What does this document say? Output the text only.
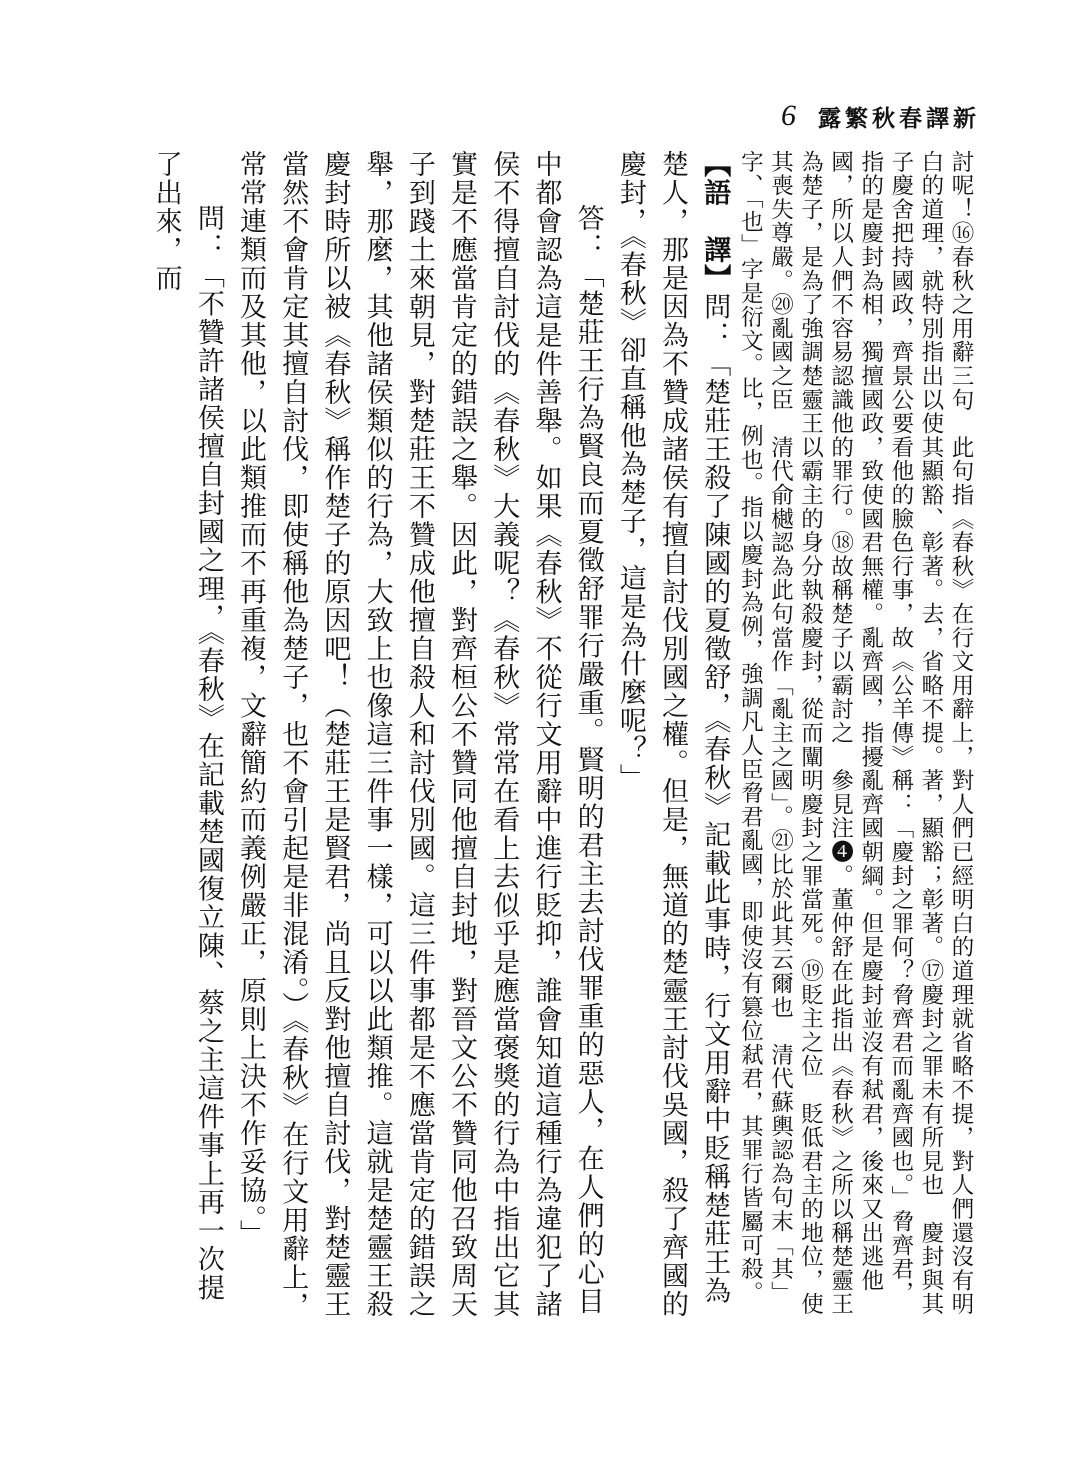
6 新譯春秋繁露

討呢！⑯春秋之用辭三句　此句指《春秋》在行文用辭上，對人們已經明白的道理就省略不提，對人們還沒有明白的道理，就特別指出以使其顯豁、彰著。去，省略不提。著，顯豁；彰著。⑰慶封之罪未有所見也　慶封與其子慶舍把持國政，齊景公要看他的臉色行事，故《公羊傳》稱：「慶封之罪何？脅齊君而亂齊國也。」脅齊君，指的是慶封為相，獨擅國政，致使國君無權。亂齊國，指擾亂齊國朝綱。但是慶封並沒有弒君，後來又出逃他國，所以人們不容易認識他的罪行。⑱故稱楚子以霸討之　參見注❹。董仲舒在此指出《春秋》之所以稱楚靈王為楚子，是為了強調楚靈王以霸主的身分執殺慶封，從而闡明慶封之罪當死。⑲貶主之位　貶低君主的地位，使其喪失尊嚴。⑳亂國之臣　清代俞樾認為此句當作「亂主之國」。㉑比於此其云爾也　清代蘇輿認為句末「其」字、「也」字是衍文。比，例也。指以慶封為例，強調凡人臣脅君亂國，即使沒有篡位弒君，其罪行皆屬可殺。

【語　譯】問：「楚莊王殺了陳國的夏徵舒，《春秋》記載此事時，行文用辭中貶稱楚莊王為楚人，那是因為不贊成諸侯有擅自討伐別國之權。但是，無道的楚靈王討伐吳國，殺了齊國的慶封，《春秋》卻直稱他為楚子，這是為什麼呢？」

答：「楚莊王行為賢良而夏徵舒罪行嚴重。賢明的君主去討伐罪重的惡人，在人們的心目中都會認為這是件善舉。如果《春秋》不從行文用辭中進行貶抑，誰會知道這種行為違犯了諸侯不得擅自討伐的《春秋》大義呢？《春秋》常常在看上去似乎是應當褒獎的行為中指出它其實是不應當肯定的錯誤之舉。因此，對齊桓公不贊同他擅自封地，對晉文公不贊同他召致周天子到踐土來朝見，對楚莊王不贊成他擅自殺人和討伐別國。這三件事都是不應當肯定的錯誤之舉，那麼，其他諸侯類似的行為，大致上也像這三件事一樣，可以以此類推。這就是楚靈王殺慶封時所以被《春秋》稱作楚子的原因吧！（楚莊王是賢君，尚且反對他擅自討伐，對楚靈王當然不會肯定其擅自討伐，即使稱他為楚子，也不會引起是非混淆。）《春秋》在行文用辭上，常常連類而及其他，以此類推而不再重複，文辭簡約而義例嚴正，原則上決不作妥協。」

問：「不贊許諸侯擅自封國之理，《春秋》在記載楚國復立陳、蔡之主這件事上再一次提了出來，而
